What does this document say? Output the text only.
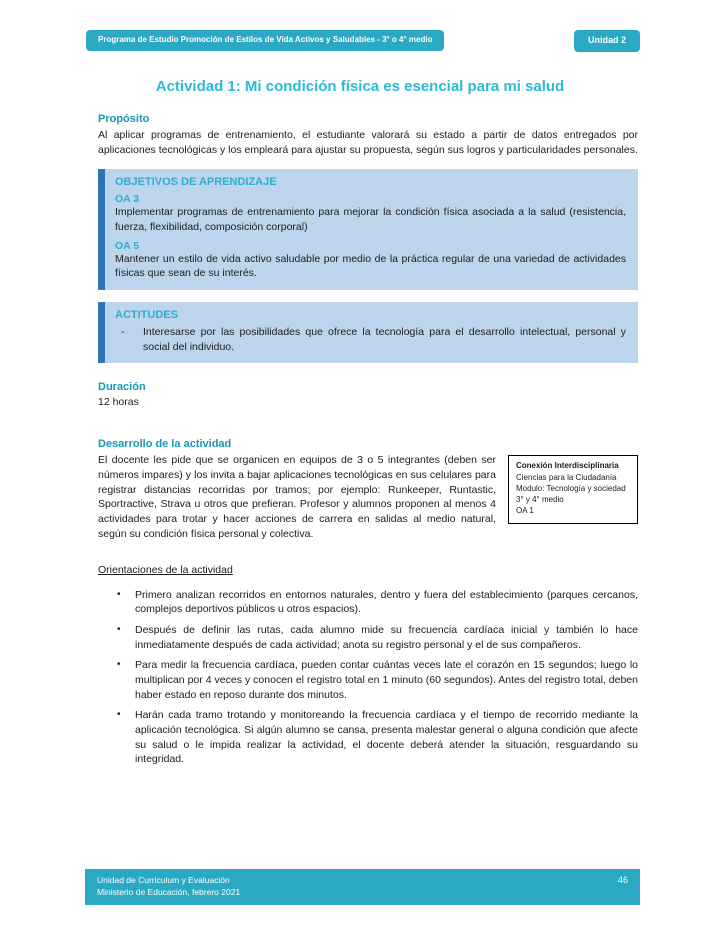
Programa de Estudio Promoción de Estilos de Vida Activos y Saludables - 3° o 4° medio	Unidad 2
Actividad 1: Mi condición física es esencial para mi salud
Propósito

Al aplicar programas de entrenamiento, el estudiante valorará su estado a partir de datos entregados por aplicaciones tecnológicas y los empleará para ajustar su propuesta, según sus logros y particularidades personales.

OBJETIVOS DE APRENDIZAJE
OA 3

Implementar programas de entrenamiento para mejorar la condición física asociada a la salud (resistencia, fuerza, flexibilidad, composición corporal)

OA 5

Mantener un estilo de vida activo saludable por medio de la práctica regular de una variedad de actividades físicas que sean de su interés.

ACTITUDES

- Interesarse por las posibilidades que ofrece la tecnología para el desarrollo intelectual, personal y social del individuo.

Duración
12 horas
Desarrollo de la actividad
Conexión Interdisciplinaria
Ciencias para la Ciudadanía
Modulo: Tecnología y sociedad
3° y 4° medio
OA 1

El docente les pide que se organicen en equipos de 3 o 5 integrantes (deben ser números impares) y los invita a bajar aplicaciones tecnológicas en sus celulares para registrar distancias recorridas por tramos; por ejemplo: Runkeeper, Runtastic, Sportractive, Strava u otros que prefieran. Profesor y alumnos proponen al menos 4 actividades para trotar y hacer acciones de carrera en salidas al medio natural, según su condición física personal y colectiva.

Orientaciones de la actividad
• Primero analizan recorridos en entornos naturales, dentro y fuera del establecimiento (parques cercanos, complejos deportivos públicos u otros espacios).
• Después de definir las rutas, cada alumno mide su frecuencia cardíaca inicial y también lo hace inmediatamente después de cada actividad; anota su registro personal y el de sus compañeros.
• Para medir la frecuencia cardíaca, pueden contar cuántas veces late el corazón en 15 segundos; luego lo multiplican por 4 veces y conocen el registro total en 1 minuto (60 segundos). Antes del registro total, deben haber estado en reposo durante dos minutos.
• Harán cada tramo trotando y monitoreando la frecuencia cardíaca y el tiempo de recorrido mediante la aplicación tecnológica. Si algún alumno se cansa, presenta malestar general o alguna condición que afecte su salud o le impida realizar la actividad, el docente deberá atender la situación, resguardando su integridad.
Unidad de Curriculum y Evaluación
Ministerio de Educación, febrero 2021
46
